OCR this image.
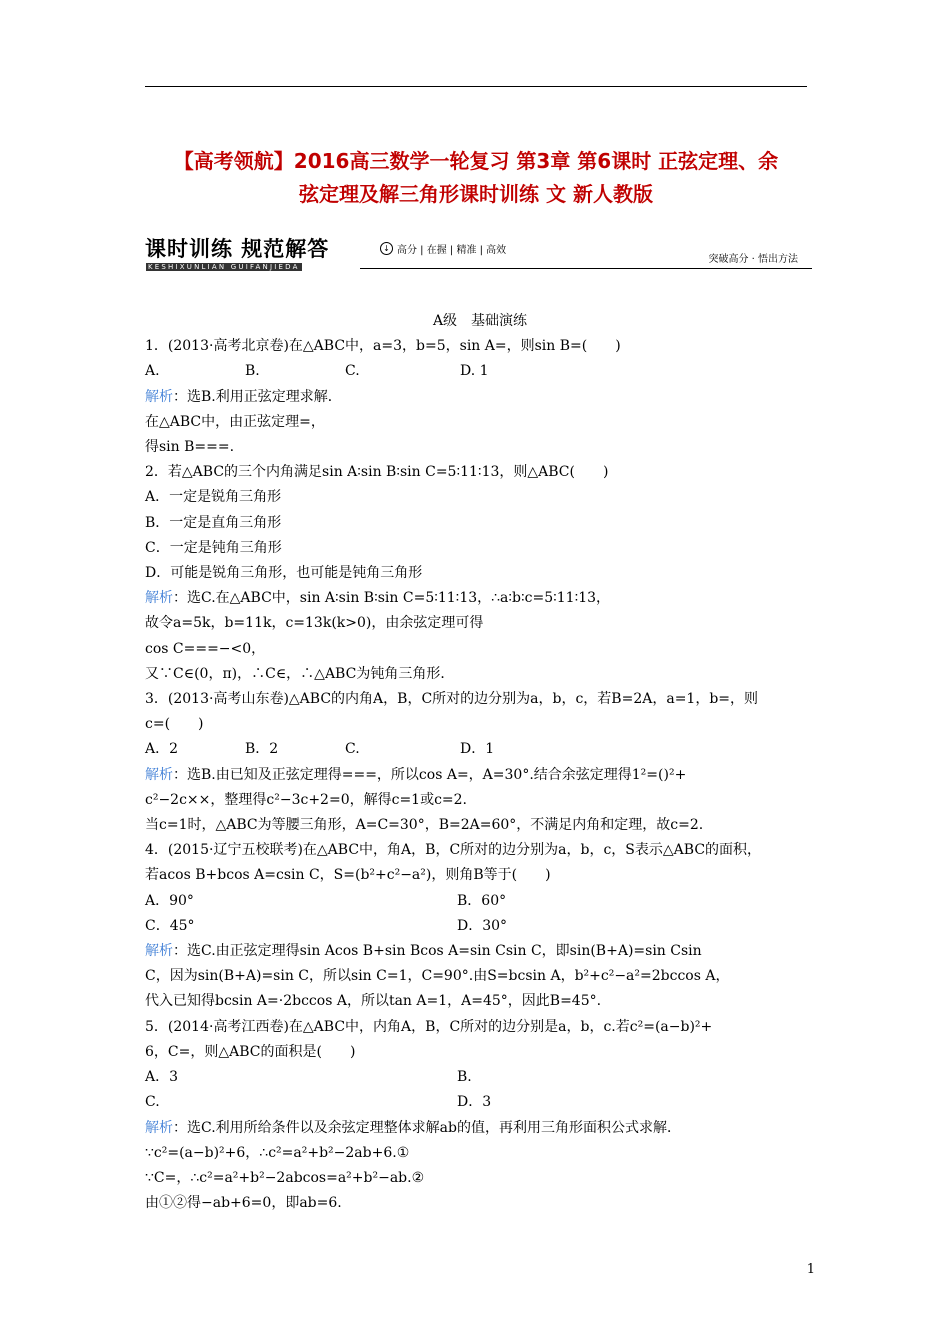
【高考领航】2016高三数学一轮复习 第3章 第6课时 正弦定理、余
弦定理及解三角形课时训练 文 新人教版
课时训练 规范解答
KESHIXUNLIAN GUIFANJIEDA
↓ 高分 | 在握 | 精准 | 高效
突破高分 · 悟出方法
A级　基础演练
1．(2013·高考北京卷)在△ABC中，a=3，b=5，sin A=，则sin B=(　　)
A.	B.	C.	D. 1
解析：选B.利用正弦定理求解．
在△ABC中，由正弦定理=，
得sin B===.
2．若△ABC的三个内角满足sin A∶sin B∶sin C=5∶11∶13，则△ABC(　　)
A．一定是锐角三角形
B．一定是直角三角形
C．一定是钝角三角形
D．可能是锐角三角形，也可能是钝角三角形
解析：选C.在△ABC中，sin A∶sin B∶sin C=5∶11∶13，∴a∶b∶c=5∶11∶13，
故令a=5k，b=11k，c=13k(k>0)，由余弦定理可得
cos C===−<0，
又∵C∈(0，π)，∴C∈，∴△ABC为钝角三角形．
3．(2013·高考山东卷)△ABC的内角A，B，C所对的边分别为a，b，c，若B=2A，a=1，b=，则
c=(　　)
A．2	B．2	C.	D．1
解析：选B.由已知及正弦定理得===，所以cos A=，A=30°.结合余弦定理得1²=()²+
c²−2c××，整理得c²−3c+2=0，解得c=1或c=2.
当c=1时，△ABC为等腰三角形，A=C=30°，B=2A=60°，不满足内角和定理，故c=2.
4．(2015·辽宁五校联考)在△ABC中，角A，B，C所对的边分别为a，b，c，S表示△ABC的面积，
若acos B+bcos A=csin C，S=(b²+c²−a²)，则角B等于(　　)
A．90°	B．60°
C．45°	D．30°
解析：选C.由正弦定理得sin Acos B+sin Bcos A=sin Csin C，即sin(B+A)=sin Csin
C，因为sin(B+A)=sin C，所以sin C=1，C=90°.由S=bcsin A，b²+c²−a²=2bccos A，
代入已知得bcsin A=·2bccos A，所以tan A=1，A=45°，因此B=45°.
5．(2014·高考江西卷)在△ABC中，内角A，B，C所对的边分别是a，b，c.若c²=(a−b)²+
6，C=，则△ABC的面积是(　　)
A．3	B.
C.	D．3
解析：选C.利用所给条件以及余弦定理整体求解ab的值，再利用三角形面积公式求解．
∵c²=(a−b)²+6，∴c²=a²+b²−2ab+6.①
∵C=，∴c²=a²+b²−2abcos=a²+b²−ab.②
由①②得−ab+6=0，即ab=6.
1
